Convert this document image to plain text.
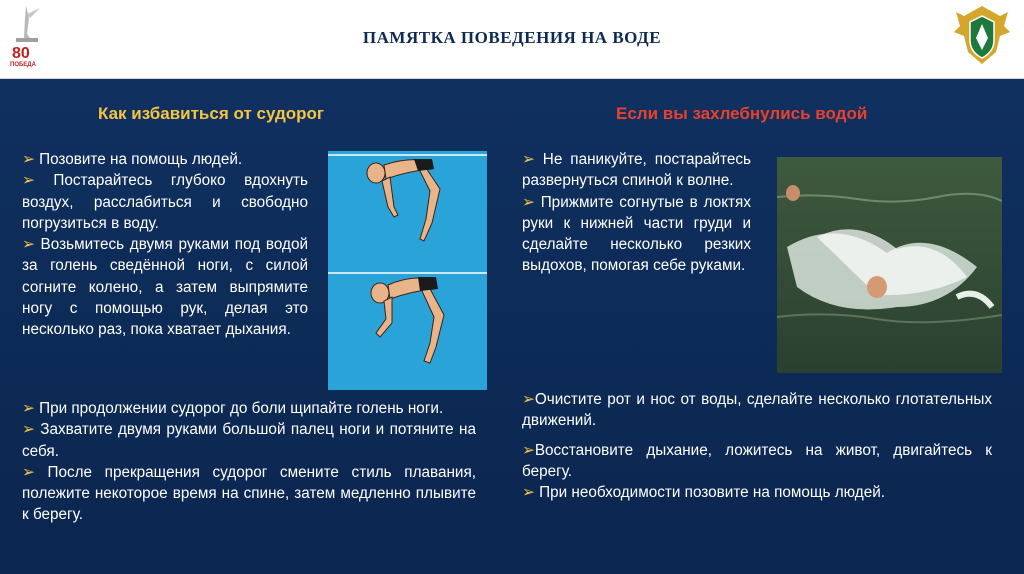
80
ПОБЕДА
ПАМЯТКА ПОВЕДЕНИЯ НА ВОДЕ
Как избавиться от судорог	Если вы захлебнулись водой

➢ Позовите на помощь людей.

➢ Постарайтесь глубоко вдохнуть воздух, расслабиться и свободно погрузиться в воду.

➢ Возьмитесь двумя руками под водой за голень сведённой ноги, с силой согните колено, а затем выпрямите ногу с помощью рук, делая это несколько раз, пока хватает дыхания.

➢ При продолжении судорог до боли щипайте голень ноги.

➢ Захватите двумя руками большой палец ноги и потяните на себя.

➢ После прекращения судорог смените стиль плавания, полежите некоторое время на спине, затем медленно плывите к берегу.

➢ Не паникуйте, постарайтесь развернуться спиной к волне.

➢ Прижмите согнутые в локтях руки к нижней части груди и сделайте несколько резких выдохов, помогая себе руками.

➢Очистите рот и нос от воды, сделайте несколько глотательных движений.

➢Восстановите дыхание, ложитесь на живот, двигайтесь к берегу.

➢ При необходимости позовите на помощь людей.
